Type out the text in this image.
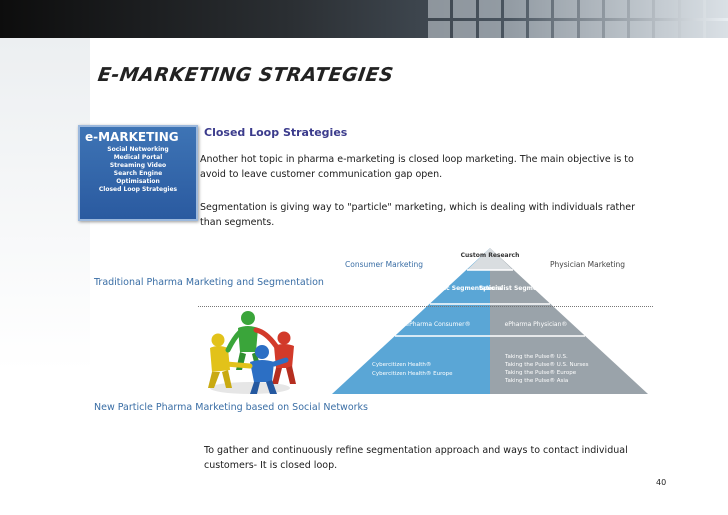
E-MARKETING STRATEGIES
e-MARKETING
Social Networking
Medical Portal
Streaming Video
Search Engine
Optimisation
Closed Loop Strategies
Closed Loop Strategies
Another hot topic in pharma e-marketing is closed loop marketing. The main objective is to avoid to leave customer communication gap open.
Segmentation is giving way to "particle" marketing, which is dealing with individuals rather than segments.
Traditional Pharma Marketing and Segmentation
Custom Research
Consumer Marketing	Physician Marketing
Therapeutic Segmentations
Specialist Segmentations
ePharma Consumer®	ePharma Physician®
Cybercitizen Health®
Cybercitizen Health® Europe
Taking the Pulse® U.S.
Taking the Pulse® U.S. Nurses
Taking the Pulse® Europe
Taking the Pulse® Asia
New Particle Pharma Marketing based on Social Networks
To gather and continuously refine segmentation approach and ways to contact individual customers- It is closed loop.
40
